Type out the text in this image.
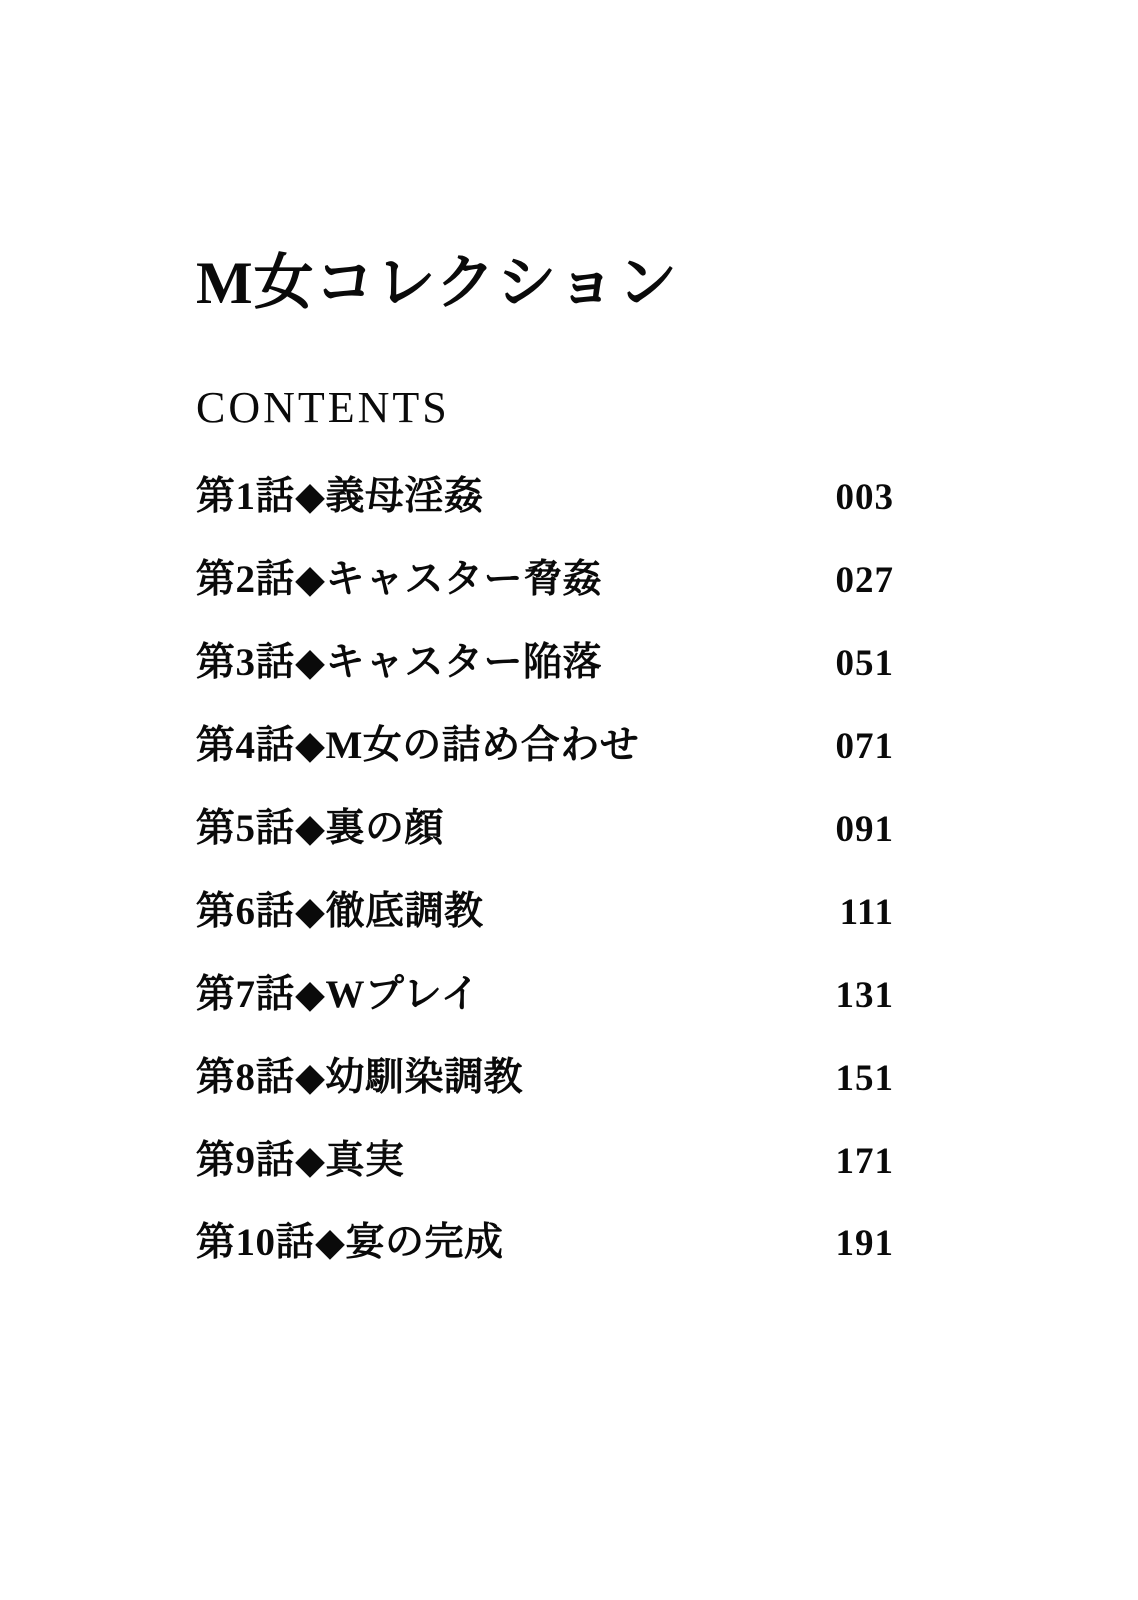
M女コレクション
CONTENTS
第1話◆義母淫姦	003
第2話◆キャスター脅姦	027
第3話◆キャスター陥落	051
第4話◆M女の詰め合わせ	071
第5話◆裏の顔	091
第6話◆徹底調教	111
第7話◆Wプレイ	131
第8話◆幼馴染調教	151
第9話◆真実	171
第10話◆宴の完成	191
